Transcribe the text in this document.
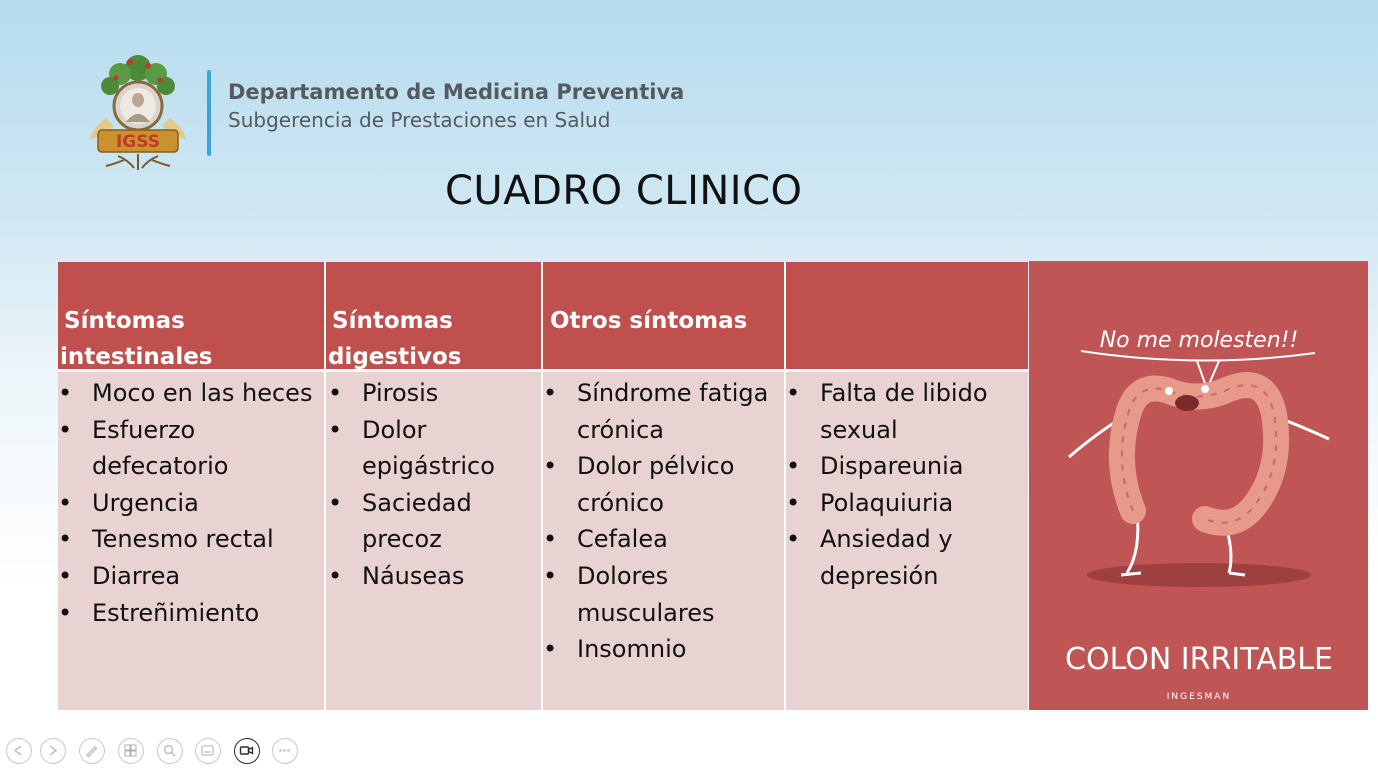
IGSS
Departamento de Medicina Preventiva
Subgerencia de Prestaciones en Salud
CUADRO CLINICO
Síntomas intestinales
• Moco en las heces
• Esfuerzo defecatorio
• Urgencia
• Tenesmo rectal
• Diarrea
• Estreñimiento
Síntomas digestivos
• Pirosis
• Dolor epigástrico
• Saciedad precoz
• Náuseas
Otros síntomas
• Síndrome fatiga crónica
• Dolor pélvico crónico
• Cefalea
• Dolores musculares
• Insomnio
• Falta de libido sexual
• Dispareunia
• Polaquiuria
• Ansiedad y depresión
No me molesten!!
COLON IRRITABLE
INGESMAN
